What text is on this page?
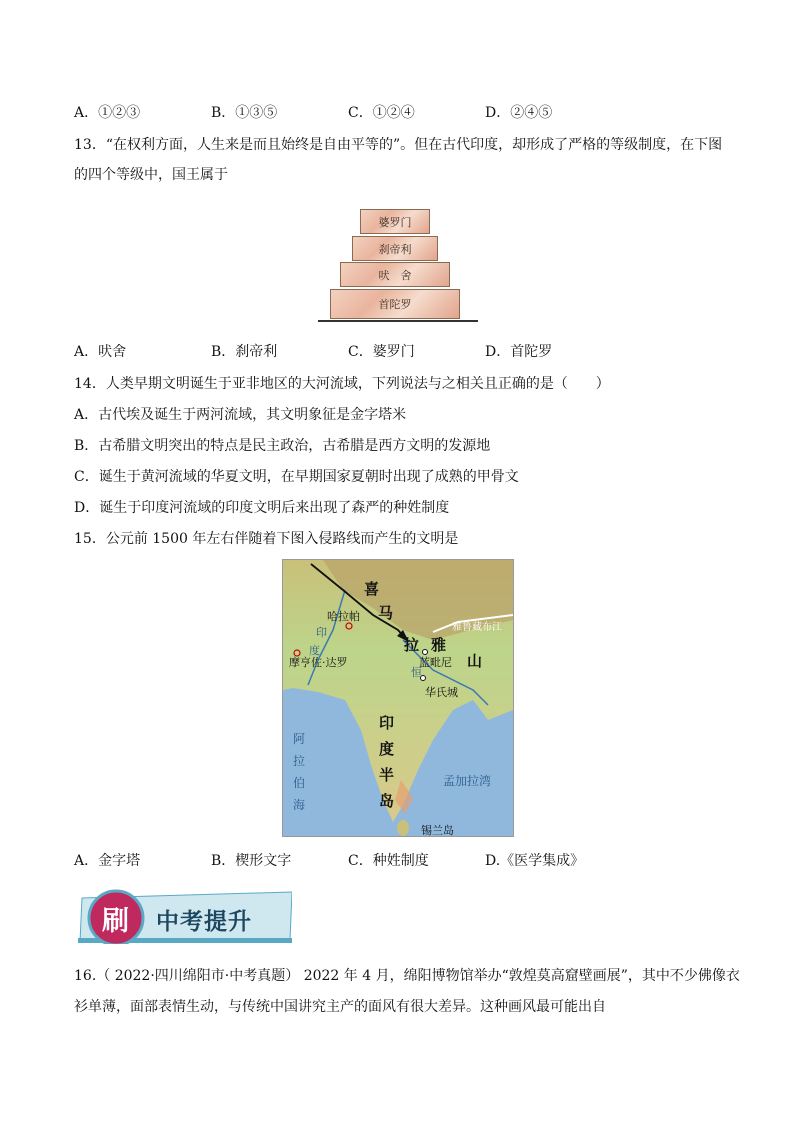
A．①②③	B．①③⑤	C．①②④	D．②④⑤
13．“在权利方面，人生来是而且始终是自由平等的”。但在古代印度，却形成了严格的等级制度，在下图
的四个等级中，国王属于
婆罗门
刹帝利
吠　舍
首陀罗
A．吠舍	B．刹帝利	C．婆罗门	D．首陀罗
14．人类早期文明诞生于亚非地区的大河流域，下列说法与之相关且正确的是（　　）
A．古代埃及诞生于两河流域，其文明象征是金字塔米
B．古希腊文明突出的特点是民主政治，古希腊是西方文明的发源地
C．诞生于黄河流域的华夏文明，在早期国家夏朝时出现了成熟的甲骨文
D．诞生于印度河流域的印度文明后来出现了森严的种姓制度
15．公元前 1500 年左右伴随着下图入侵路线而产生的文明是
喜
马
拉 雅
山
雅鲁藏布江
哈拉帕
摩亨佐·达罗	蓝毗尼
华氏城
印
度
恒
印
度
半
岛
阿
拉
伯
海
孟加拉湾
锡兰岛
A．金字塔	B．楔形文字	C．种姓制度	D.《医学集成》
刷 中考提升
16.（ 2022·四川绵阳市·中考真题） 2022 年 4 月，绵阳博物馆举办“敦煌莫高窟壁画展”，其中不少佛像衣
衫单薄，面部表情生动，与传统中国讲究主产的面风有很大差异。这种画风最可能出自
